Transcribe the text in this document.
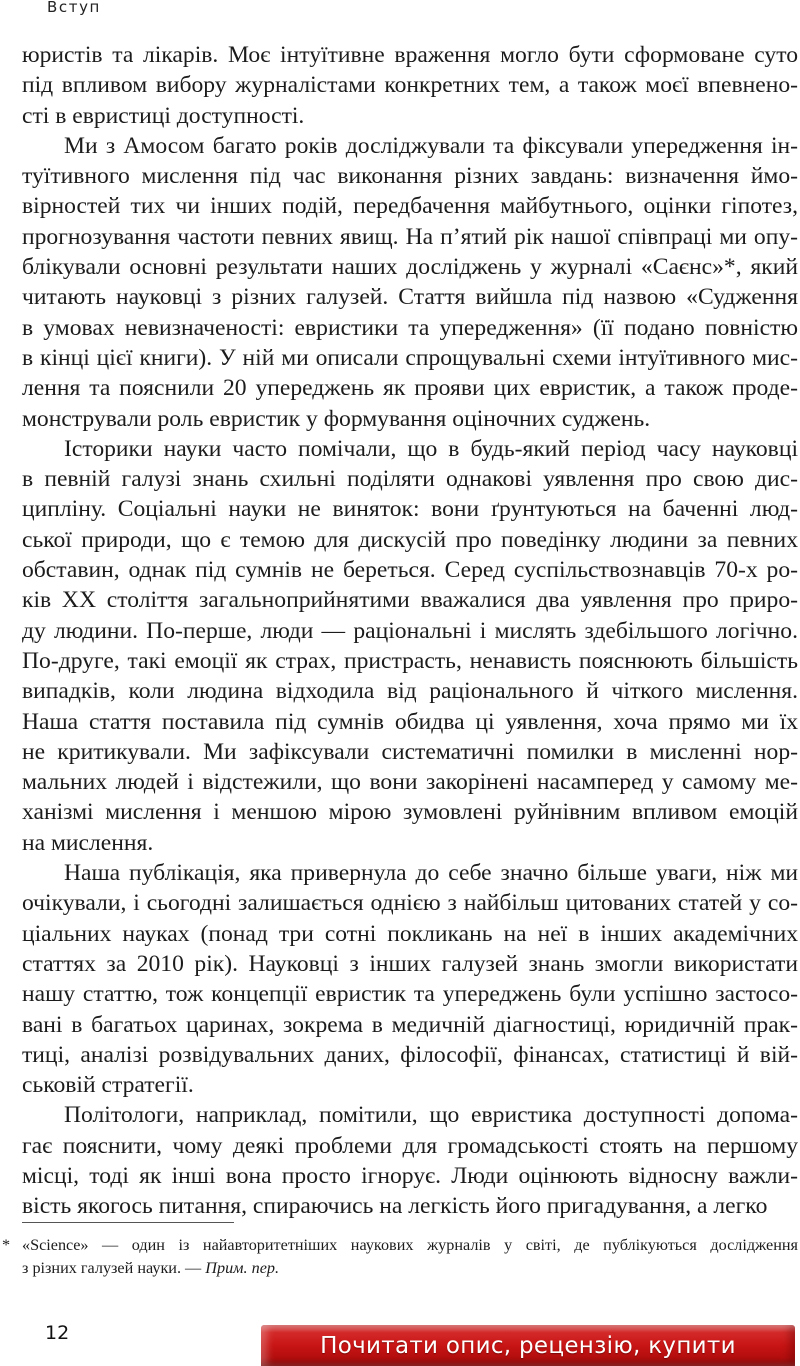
Вступ

юристів та лікарів. Моє інтуїтивне враження могло бути сформоване суто
під впливом вибору журналістами конкретних тем, а також моєї впевнено-
сті в евристиці доступності.

Ми з Амосом багато років досліджували та фіксували упередження ін-
туїтивного мислення під час виконання різних завдань: визначення ймо-
вірностей тих чи інших подій, передбачення майбутнього, оцінки гіпотез,
прогнозування частоти певних явищ. На п’ятий рік нашої співпраці ми опу-
блікували основні результати наших досліджень у журналі «Саєнс»*, який
читають науковці з різних галузей. Стаття вийшла під назвою «Судження
в умовах невизначеності: евристики та упередження» (її подано повністю
в кінці цієї книги). У ній ми описали спрощувальні схеми інтуїтивного мис-
лення та пояснили 20 упереджень як прояви цих евристик, а також проде-
монстрували роль евристик у формування оціночних суджень.

Історики науки часто помічали, що в будь-який період часу науковці
в певній галузі знань схильні поділяти однакові уявлення про свою дис-
ципліну. Соціальні науки не виняток: вони ґрунтуються на баченні люд-
ської природи, що є темою для дискусій про поведінку людини за певних
обставин, однак під сумнів не береться. Серед суспільствознавців 70-х ро-
ків XX століття загальноприйнятими вважалися два уявлення про приро-
ду людини. По-перше, люди — раціональні і мислять здебільшого логічно.
По-друге, такі емоції як страх, пристрасть, ненависть пояснюють більшість
випадків, коли людина відходила від раціонального й чіткого мислення.
Наша стаття поставила під сумнів обидва ці уявлення, хоча прямо ми їх
не критикували. Ми зафіксували систематичні помилки в мисленні нор-
мальних людей і відстежили, що вони закорінені насамперед у самому ме-
ханізмі мислення і меншою мірою зумовлені руйнівним впливом емоцій
на мислення.

Наша публікація, яка привернула до себе значно більше уваги, ніж ми
очікували, і сьогодні залишається однією з найбільш цитованих статей у со-
ціальних науках (понад три сотні покликань на неї в інших академічних
статтях за 2010 рік). Науковці з інших галузей знань змогли використати
нашу статтю, тож концепції евристик та упереджень були успішно застосо-
вані в багатьох царинах, зокрема в медичній діагностиці, юридичній прак-
тиці, аналізі розвідувальних даних, філософії, фінансах, статистиці й вій-
ськовій стратегії.

Політологи, наприклад, помітили, що евристика доступності допома-
гає пояснити, чому деякі проблеми для громадськості стоять на першому
місці, тоді як інші вона просто ігнорує. Люди оцінюють відносну важли-
вість якогось питання, спираючись на легкість його пригадування, а легко

* «Science» — один із найавторитетніших наукових журналів у світі, де публікуються дослідження
з різних галузей науки. — Прим. пер.
12	Почитати опис, рецензію, купити
